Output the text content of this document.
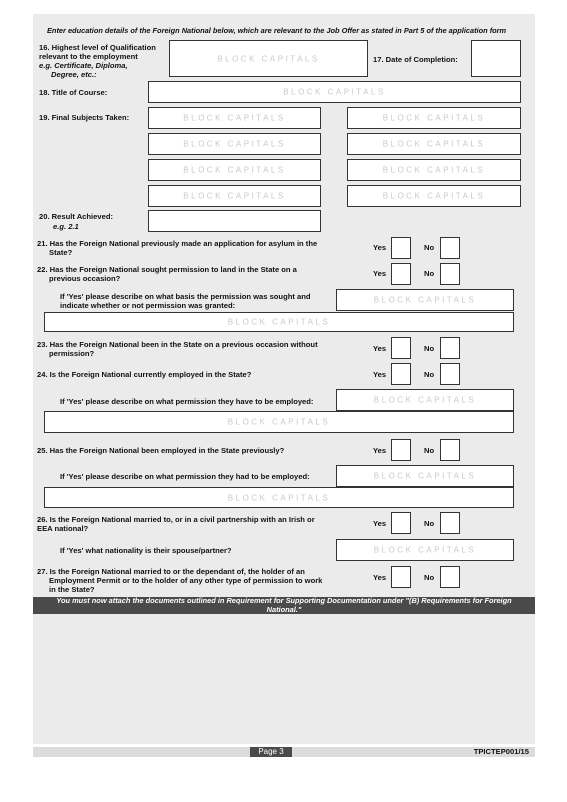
Enter education details of the Foreign National below, which are relevant to the Job Offer as stated in Part 5 of the application form
16. Highest level of Qualification
relevant to the employment
e.g. Certificate, Diploma,
Degree, etc.:
BLOCK CAPITALS	17. Date of Completion:
18. Title of Course:	BLOCK CAPITALS
19. Final Subjects Taken:	BLOCK CAPITALS	BLOCK CAPITALS
BLOCK CAPITALS	BLOCK CAPITALS
BLOCK CAPITALS	BLOCK CAPITALS
BLOCK CAPITALS	BLOCK CAPITALS
20. Result Achieved:
e.g. 2.1
21. Has the Foreign National previously made an application for asylum in the
State?
Yes	No
22. Has the Foreign National sought permission to land in the State on a
previous occasion?
Yes	No
If 'Yes' please describe on what basis the permission was sought and
indicate whether or not permission was granted:
BLOCK CAPITALS
BLOCK CAPITALS
23. Has the Foreign National been in the State on a previous occasion without
permission?
Yes	No
24. Is the Foreign National currently employed in the State?	Yes	No
If 'Yes' please describe on what permission they have to be employed:	BLOCK CAPITALS
BLOCK CAPITALS
25. Has the Foreign National been employed in the State previously?	Yes	No
If 'Yes' please describe on what permission they had to be employed:	BLOCK CAPITALS
BLOCK CAPITALS
26. Is the Foreign National married to, or in a civil partnership with an Irish or
EEA national?
Yes	No
If 'Yes' what nationality is their spouse/partner?	BLOCK CAPITALS
27. Is the Foreign National married to or the dependant of, the holder of an
Employment Permit or to the holder of any other type of permission to work
in the State?
Yes	No
You must now attach the documents outlined in Requirement for Supporting Documentation under "(B) Requirements for Foreign
National."
Page 3	TPICTEP001/15
